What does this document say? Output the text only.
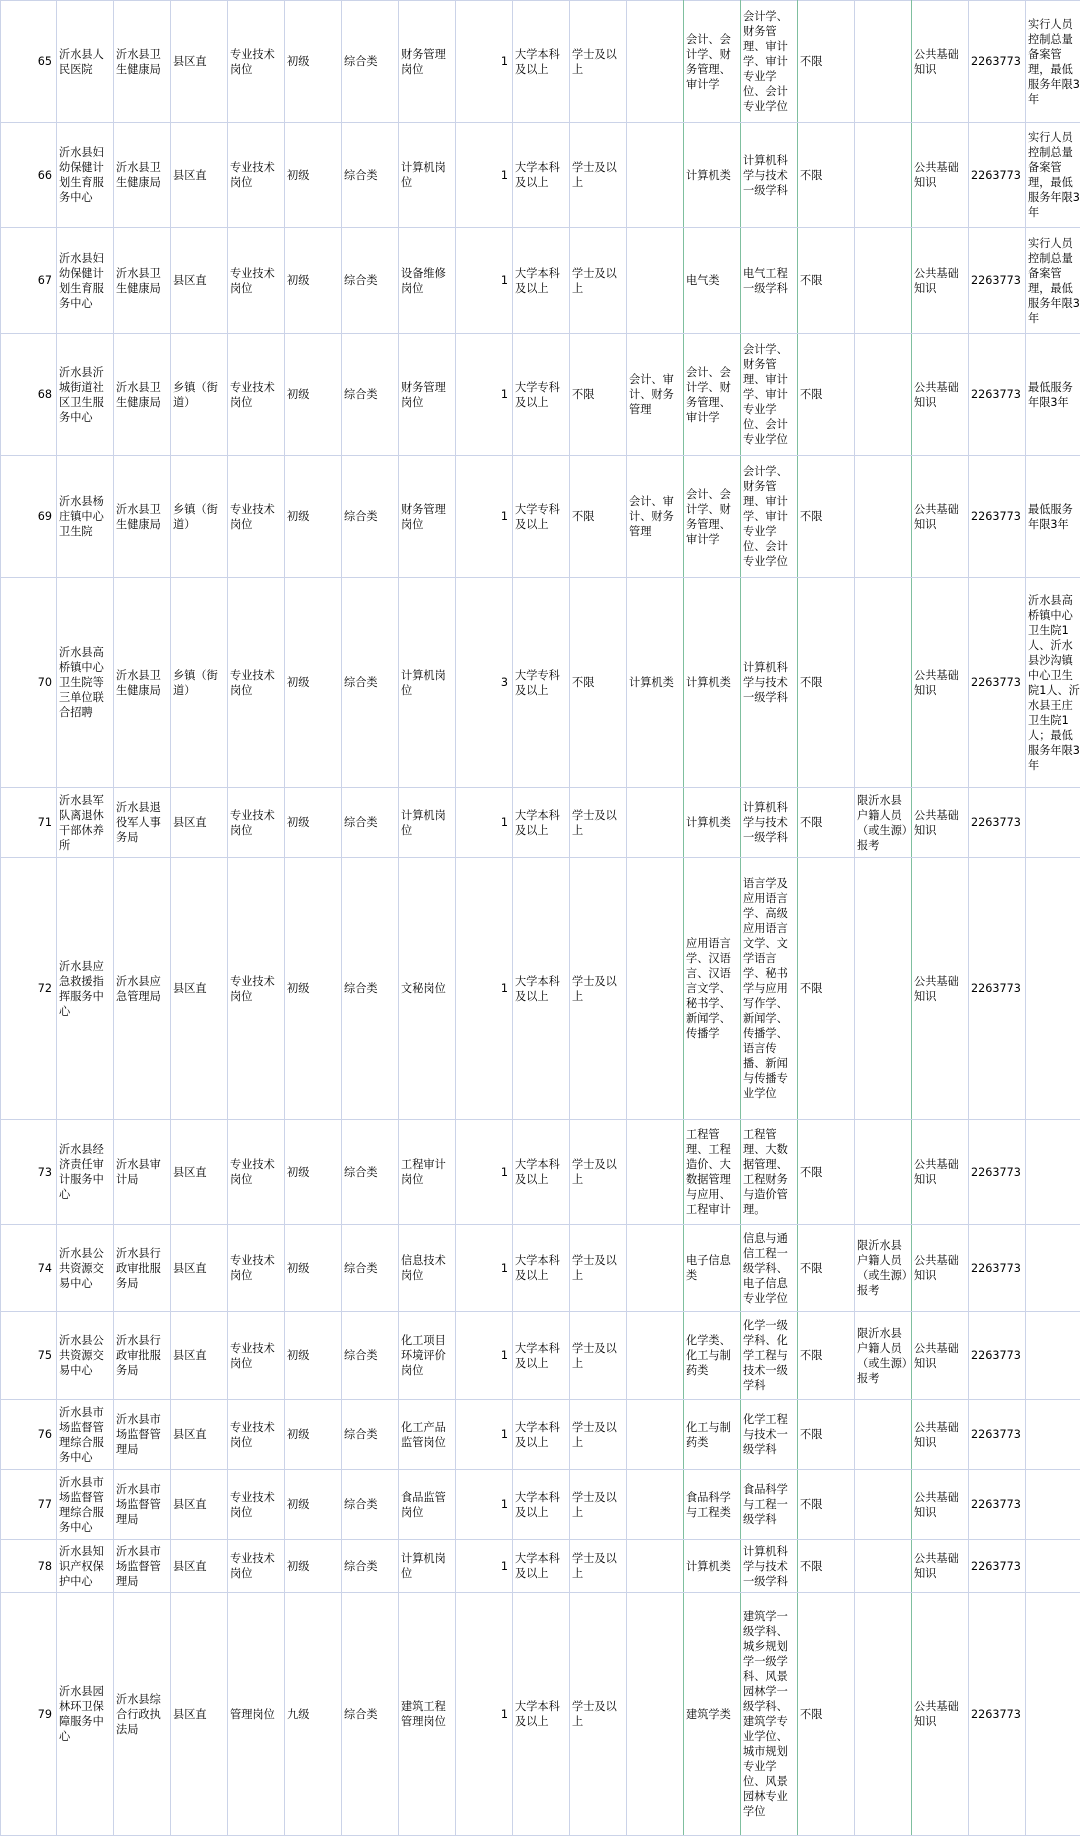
65	沂水县人民医院	沂水县卫生健康局	县区直	专业技术岗位	初级	综合类	财务管理岗位	1	大学本科及以上	学士及以上		会计、会计学、财务管理、审计学	会计学、财务管理、审计学、审计专业学位、会计专业学位	不限		公共基础知识	2263773	实行人员控制总量备案管理，最低服务年限3年
66	沂水县妇幼保健计划生育服务中心	沂水县卫生健康局	县区直	专业技术岗位	初级	综合类	计算机岗位	1	大学本科及以上	学士及以上		计算机类	计算机科学与技术一级学科	不限		公共基础知识	2263773	实行人员控制总量备案管理，最低服务年限3年
67	沂水县妇幼保健计划生育服务中心	沂水县卫生健康局	县区直	专业技术岗位	初级	综合类	设备维修岗位	1	大学本科及以上	学士及以上		电气类	电气工程一级学科	不限		公共基础知识	2263773	实行人员控制总量备案管理，最低服务年限3年
68	沂水县沂城街道社区卫生服务中心	沂水县卫生健康局	乡镇（街道）	专业技术岗位	初级	综合类	财务管理岗位	1	大学专科及以上	不限	会计、审计、财务管理	会计、会计学、财务管理、审计学	会计学、财务管理、审计学、审计专业学位、会计专业学位	不限		公共基础知识	2263773	最低服务年限3年
69	沂水县杨庄镇中心卫生院	沂水县卫生健康局	乡镇（街道）	专业技术岗位	初级	综合类	财务管理岗位	1	大学专科及以上	不限	会计、审计、财务管理	会计、会计学、财务管理、审计学	会计学、财务管理、审计学、审计专业学位、会计专业学位	不限		公共基础知识	2263773	最低服务年限3年
70	沂水县高桥镇中心卫生院等三单位联合招聘	沂水县卫生健康局	乡镇（街道）	专业技术岗位	初级	综合类	计算机岗位	3	大学专科及以上	不限	计算机类	计算机类	计算机科学与技术一级学科	不限		公共基础知识	2263773	沂水县高桥镇中心卫生院1人、沂水县沙沟镇中心卫生院1人、沂水县王庄卫生院1人；最低服务年限3年
71	沂水县军队离退休干部休养所	沂水县退役军人事务局	县区直	专业技术岗位	初级	综合类	计算机岗位	1	大学本科及以上	学士及以上		计算机类	计算机科学与技术一级学科	不限	限沂水县户籍人员（或生源）报考	公共基础知识	2263773	
72	沂水县应急救援指挥服务中心	沂水县应急管理局	县区直	专业技术岗位	初级	综合类	文秘岗位	1	大学本科及以上	学士及以上		应用语言学、汉语言、汉语言文学、秘书学、新闻学、传播学	语言学及应用语言学、高级应用语言文学、文学语言学、秘书学与应用写作学、新闻学、传播学、语言传播、新闻与传播专业学位	不限		公共基础知识	2263773	
73	沂水县经济责任审计服务中心	沂水县审计局	县区直	专业技术岗位	初级	综合类	工程审计岗位	1	大学本科及以上	学士及以上		工程管理、工程造价、大数据管理与应用、工程审计	工程管理、大数据管理、工程财务与造价管理。	不限		公共基础知识	2263773	
74	沂水县公共资源交易中心	沂水县行政审批服务局	县区直	专业技术岗位	初级	综合类	信息技术岗位	1	大学本科及以上	学士及以上		电子信息类	信息与通信工程一级学科、电子信息专业学位	不限	限沂水县户籍人员（或生源）报考	公共基础知识	2263773	
75	沂水县公共资源交易中心	沂水县行政审批服务局	县区直	专业技术岗位	初级	综合类	化工项目环境评价岗位	1	大学本科及以上	学士及以上		化学类、化工与制药类	化学一级学科、化学工程与技术一级学科	不限	限沂水县户籍人员（或生源）报考	公共基础知识	2263773	
76	沂水县市场监督管理综合服务中心	沂水县市场监督管理局	县区直	专业技术岗位	初级	综合类	化工产品监管岗位	1	大学本科及以上	学士及以上		化工与制药类	化学工程与技术一级学科	不限		公共基础知识	2263773	
77	沂水县市场监督管理综合服务中心	沂水县市场监督管理局	县区直	专业技术岗位	初级	综合类	食品监管岗位	1	大学本科及以上	学士及以上		食品科学与工程类	食品科学与工程一级学科	不限		公共基础知识	2263773	
78	沂水县知识产权保护中心	沂水县市场监督管理局	县区直	专业技术岗位	初级	综合类	计算机岗位	1	大学本科及以上	学士及以上		计算机类	计算机科学与技术一级学科	不限		公共基础知识	2263773	
79	沂水县园林环卫保障服务中心	沂水县综合行政执法局	县区直	管理岗位	九级	综合类	建筑工程管理岗位	1	大学本科及以上	学士及以上		建筑学类	建筑学一级学科、城乡规划学一级学科、风景园林学一级学科、建筑学专业学位、城市规划专业学位、风景园林专业学位	不限		公共基础知识	2263773	
